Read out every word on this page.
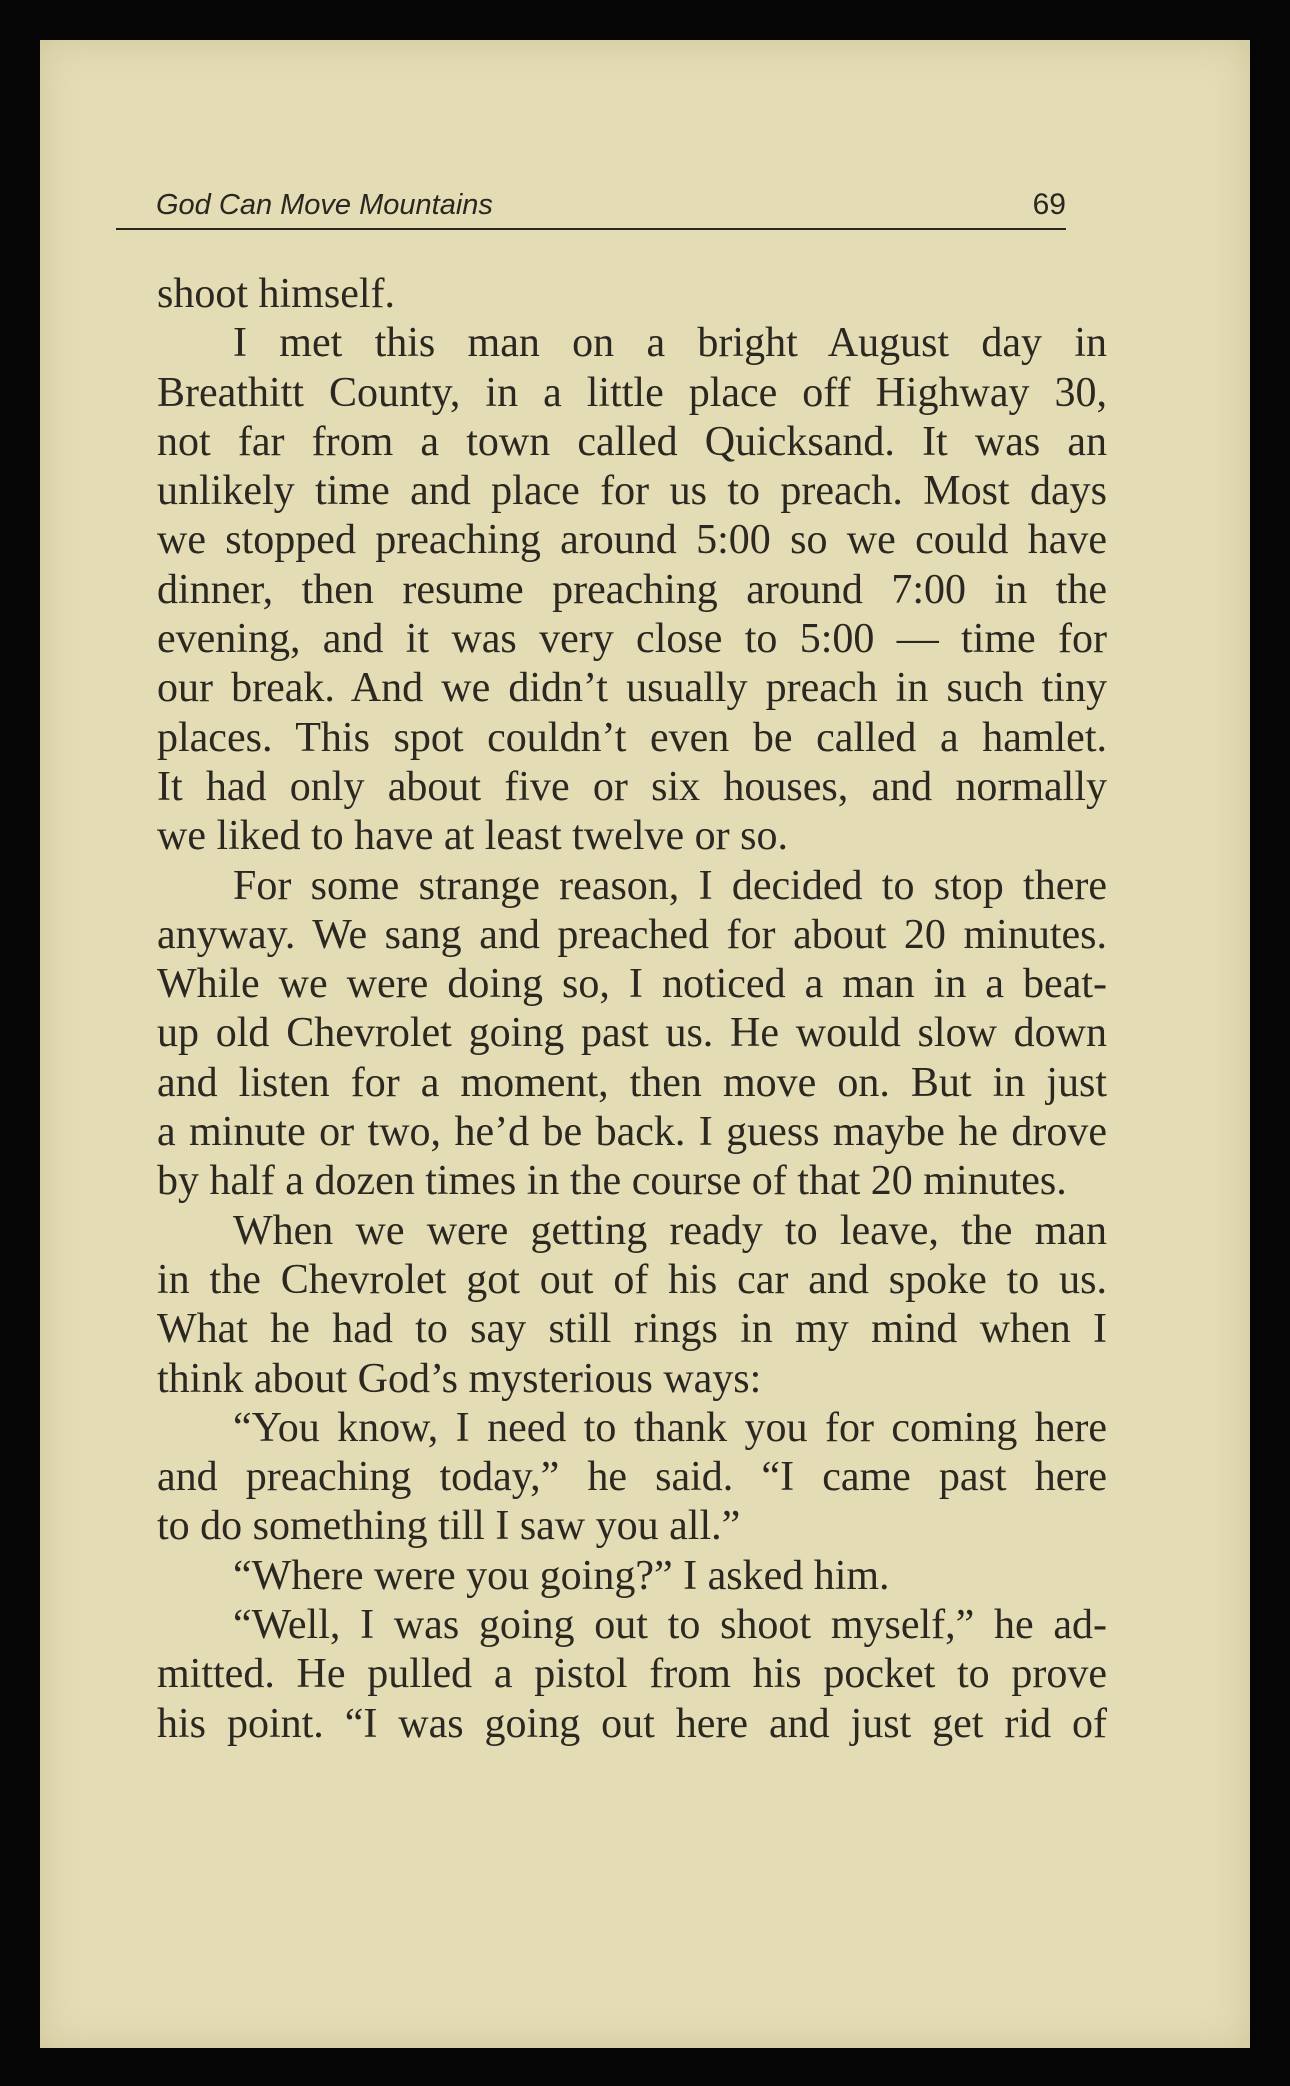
God Can Move Mountains	69
shoot himself.
I met this man on a bright August day in
Breathitt County, in a little place off Highway 30,
not far from a town called Quicksand. It was an
unlikely time and place for us to preach. Most days
we stopped preaching around 5:00 so we could have
dinner, then resume preaching around 7:00 in the
evening, and it was very close to 5:00 — time for
our break. And we didn’t usually preach in such tiny
places. This spot couldn’t even be called a hamlet.
It had only about five or six houses, and normally
we liked to have at least twelve or so.
For some strange reason, I decided to stop there
anyway. We sang and preached for about 20 minutes.
While we were doing so, I noticed a man in a beat-
up old Chevrolet going past us. He would slow down
and listen for a moment, then move on. But in just
a minute or two, he’d be back. I guess maybe he drove
by half a dozen times in the course of that 20 minutes.
When we were getting ready to leave, the man
in the Chevrolet got out of his car and spoke to us.
What he had to say still rings in my mind when I
think about God’s mysterious ways:
“You know, I need to thank you for coming here
and preaching today,” he said. “I came past here
to do something till I saw you all.”
“Where were you going?” I asked him.
“Well, I was going out to shoot myself,” he ad-
mitted. He pulled a pistol from his pocket to prove
his point. “I was going out here and just get rid of
